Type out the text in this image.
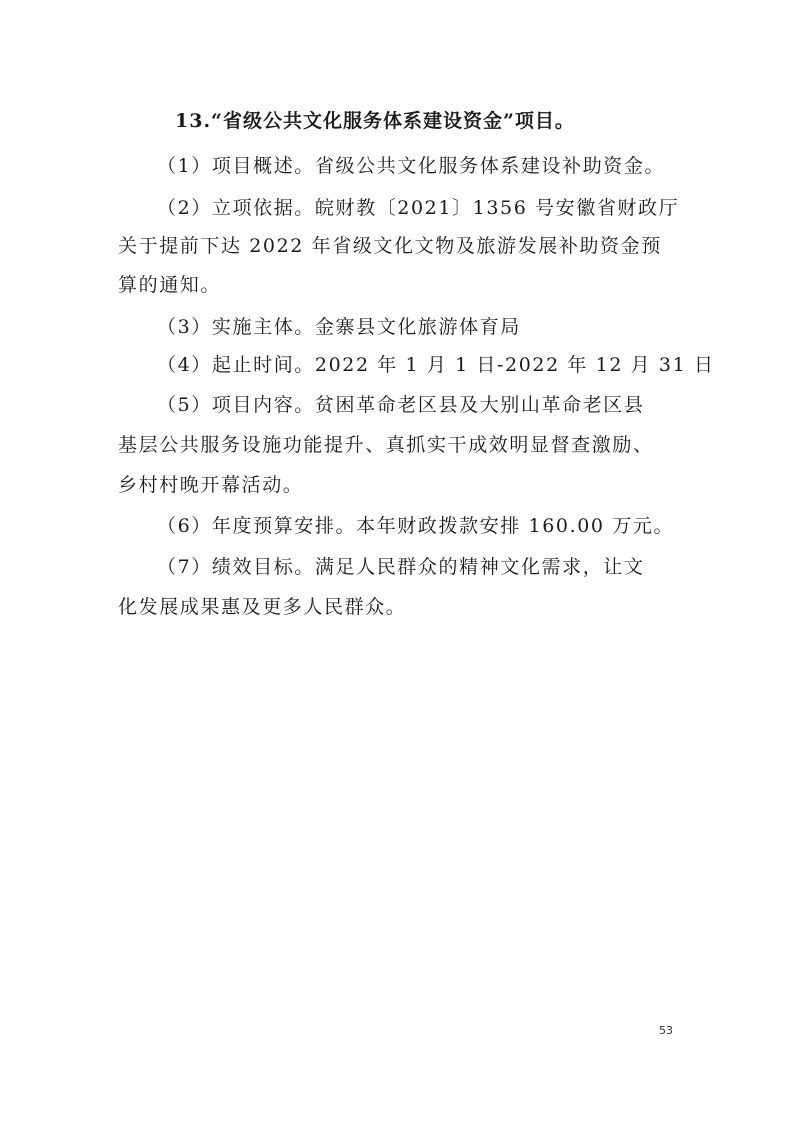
13.“省级公共文化服务体系建设资金”项目。

（1）项目概述。省级公共文化服务体系建设补助资金。

（2）立项依据。皖财教〔2021〕1356 号安徽省财政厅

关于提前下达 2022 年省级文化文物及旅游发展补助资金预

算的通知。

（3）实施主体。金寨县文化旅游体育局

（4）起止时间。2022 年 1 月 1 日-2022 年 12 月 31 日

（5）项目内容。贫困革命老区县及大别山革命老区县

基层公共服务设施功能提升、真抓实干成效明显督查激励、

乡村村晚开幕活动。

（6）年度预算安排。本年财政拨款安排 160.00 万元。

（7）绩效目标。满足人民群众的精神文化需求，让文

化发展成果惠及更多人民群众。

53
